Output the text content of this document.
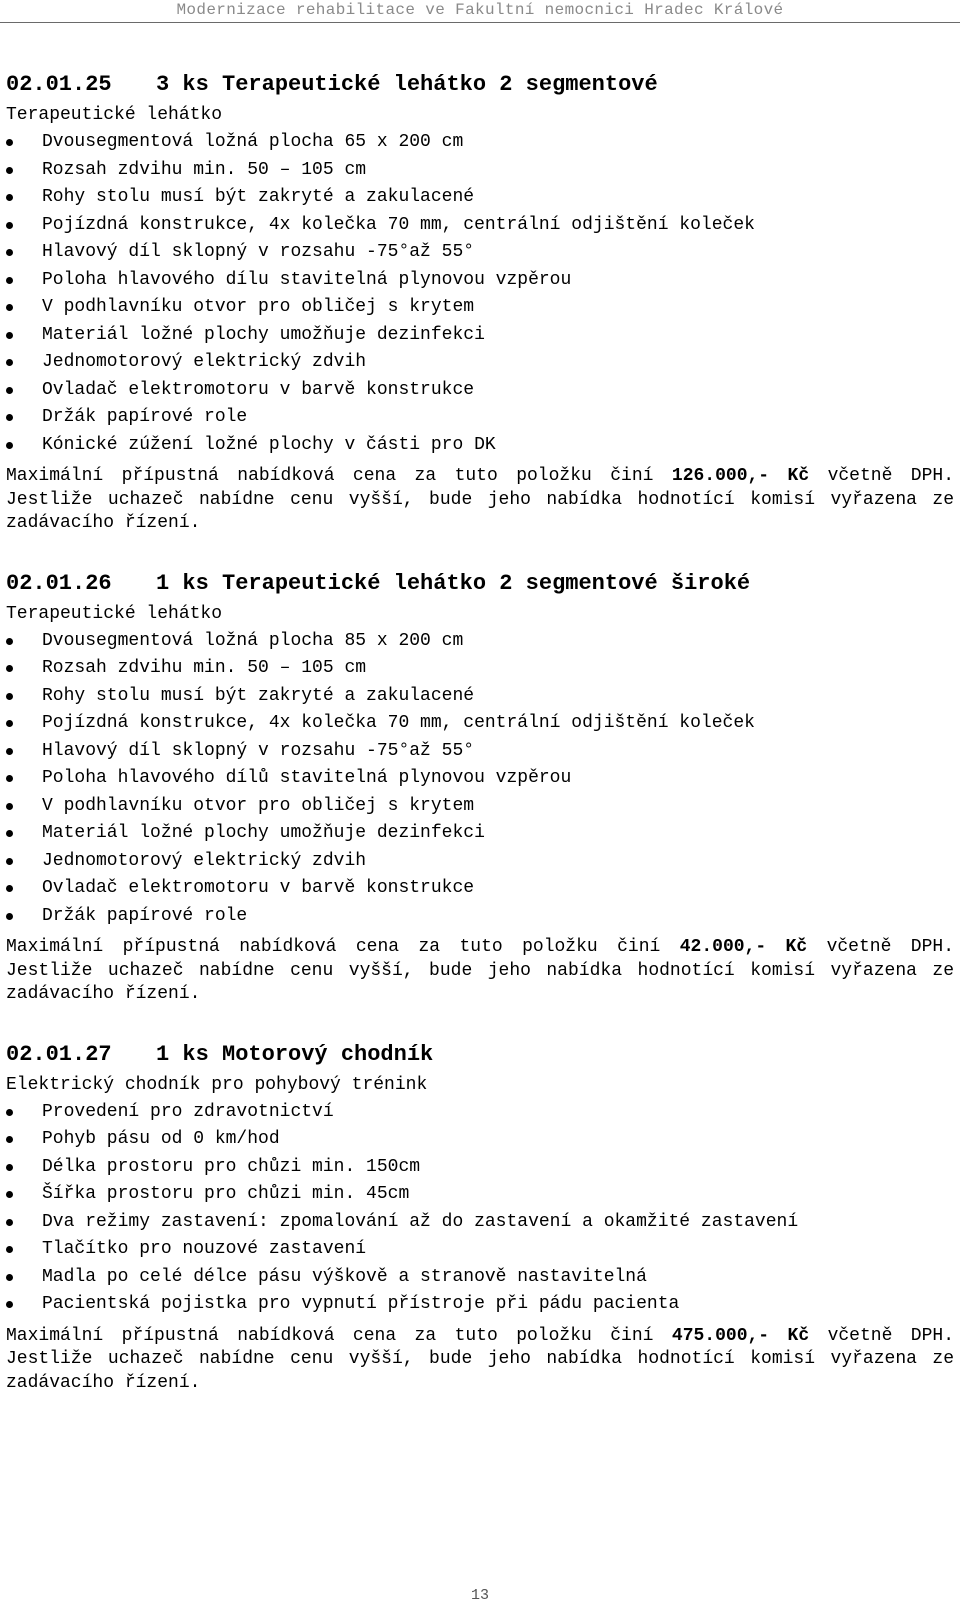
Modernizace rehabilitace ve Fakultní nemocnici Hradec Králové
02.01.25 3 ks Terapeutické lehátko 2 segmentové
Terapeutické lehátko
Dvousegmentová ložná plocha 65 x 200 cm
Rozsah zdvihu min. 50 – 105 cm
Rohy stolu musí být zakryté a zakulacené
Pojízdná konstrukce, 4x kolečka 70 mm, centrální odjištění koleček
Hlavový díl sklopný v rozsahu -75°až 55°
Poloha hlavového dílu stavitelná plynovou vzpěrou
V podhlavníku otvor pro obličej s krytem
Materiál ložné plochy umožňuje dezinfekci
Jednomotorový elektrický zdvih
Ovladač elektromotoru v barvě konstrukce
Držák papírové role
Kónické zúžení ložné plochy v části pro DK
Maximální přípustná nabídková cena za tuto položku činí 126.000,- Kč včetně DPH. Jestliže uchazeč nabídne cenu vyšší, bude jeho nabídka hodnotící komisí vyřazena ze zadávacího řízení.
02.01.26 1 ks Terapeutické lehátko 2 segmentové široké
Terapeutické lehátko
Dvousegmentová ložná plocha 85 x 200 cm
Rozsah zdvihu min. 50 – 105 cm
Rohy stolu musí být zakryté a zakulacené
Pojízdná konstrukce, 4x kolečka 70 mm, centrální odjištění koleček
Hlavový díl sklopný v rozsahu -75°až 55°
Poloha hlavového dílů stavitelná plynovou vzpěrou
V podhlavníku otvor pro obličej s krytem
Materiál ložné plochy umožňuje dezinfekci
Jednomotorový elektrický zdvih
Ovladač elektromotoru v barvě konstrukce
Držák papírové role
Maximální přípustná nabídková cena za tuto položku činí 42.000,- Kč včetně DPH. Jestliže uchazeč nabídne cenu vyšší, bude jeho nabídka hodnotící komisí vyřazena ze zadávacího řízení.
02.01.27 1 ks Motorový chodník
Elektrický chodník pro pohybový trénink
Provedení pro zdravotnictví
Pohyb pásu od 0 km/hod
Délka prostoru pro chůzi min. 150cm
Šířka prostoru pro chůzi min. 45cm
Dva režimy zastavení: zpomalování až do zastavení a okamžité zastavení
Tlačítko pro nouzové zastavení
Madla po celé délce pásu výškově a stranově nastavitelná
Pacientská pojistka pro vypnutí přístroje při pádu pacienta
Maximální přípustná nabídková cena za tuto položku činí 475.000,- Kč včetně DPH. Jestliže uchazeč nabídne cenu vyšší, bude jeho nabídka hodnotící komisí vyřazena ze zadávacího řízení.
13
